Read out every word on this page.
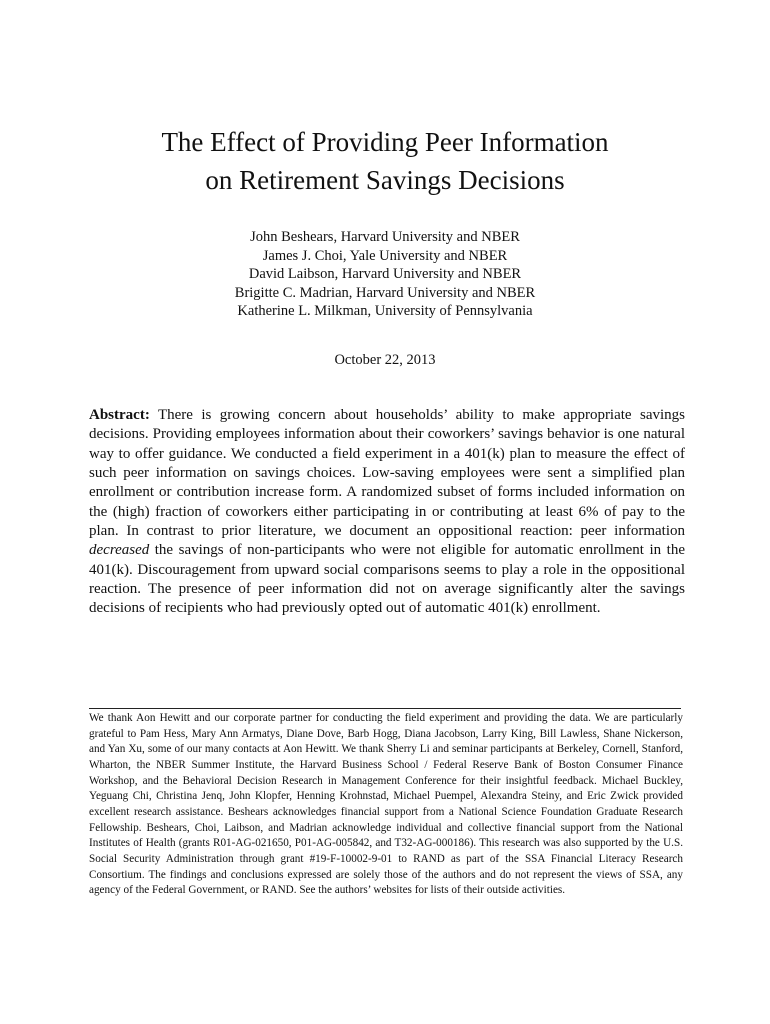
The Effect of Providing Peer Information
on Retirement Savings Decisions
John Beshears, Harvard University and NBER
James J. Choi, Yale University and NBER
David Laibson, Harvard University and NBER
Brigitte C. Madrian, Harvard University and NBER
Katherine L. Milkman, University of Pennsylvania
October 22, 2013

Abstract: There is growing concern about households’ ability to make appropriate savings decisions. Providing employees information about their coworkers’ savings behavior is one natural way to offer guidance. We conducted a field experiment in a 401(k) plan to measure the effect of such peer information on savings choices. Low-saving employees were sent a simplified plan enrollment or contribution increase form. A randomized subset of forms included information on the (high) fraction of coworkers either participating in or contributing at least 6% of pay to the plan. In contrast to prior literature, we document an oppositional reaction: peer information decreased the savings of non-participants who were not eligible for automatic enrollment in the 401(k). Discouragement from upward social comparisons seems to play a role in the oppositional reaction. The presence of peer information did not on average significantly alter the savings decisions of recipients who had previously opted out of automatic 401(k) enrollment.

We thank Aon Hewitt and our corporate partner for conducting the field experiment and providing the data. We are particularly grateful to Pam Hess, Mary Ann Armatys, Diane Dove, Barb Hogg, Diana Jacobson, Larry King, Bill Lawless, Shane Nickerson, and Yan Xu, some of our many contacts at Aon Hewitt. We thank Sherry Li and seminar participants at Berkeley, Cornell, Stanford, Wharton, the NBER Summer Institute, the Harvard Business School / Federal Reserve Bank of Boston Consumer Finance Workshop, and the Behavioral Decision Research in Management Conference for their insightful feedback. Michael Buckley, Yeguang Chi, Christina Jenq, John Klopfer, Henning Krohnstad, Michael Puempel, Alexandra Steiny, and Eric Zwick provided excellent research assistance. Beshears acknowledges financial support from a National Science Foundation Graduate Research Fellowship. Beshears, Choi, Laibson, and Madrian acknowledge individual and collective financial support from the National Institutes of Health (grants R01-AG-021650, P01-AG-005842, and T32-AG-000186). This research was also supported by the U.S. Social Security Administration through grant #19-F-10002-9-01 to RAND as part of the SSA Financial Literacy Research Consortium. The findings and conclusions expressed are solely those of the authors and do not represent the views of SSA, any agency of the Federal Government, or RAND. See the authors’ websites for lists of their outside activities.
